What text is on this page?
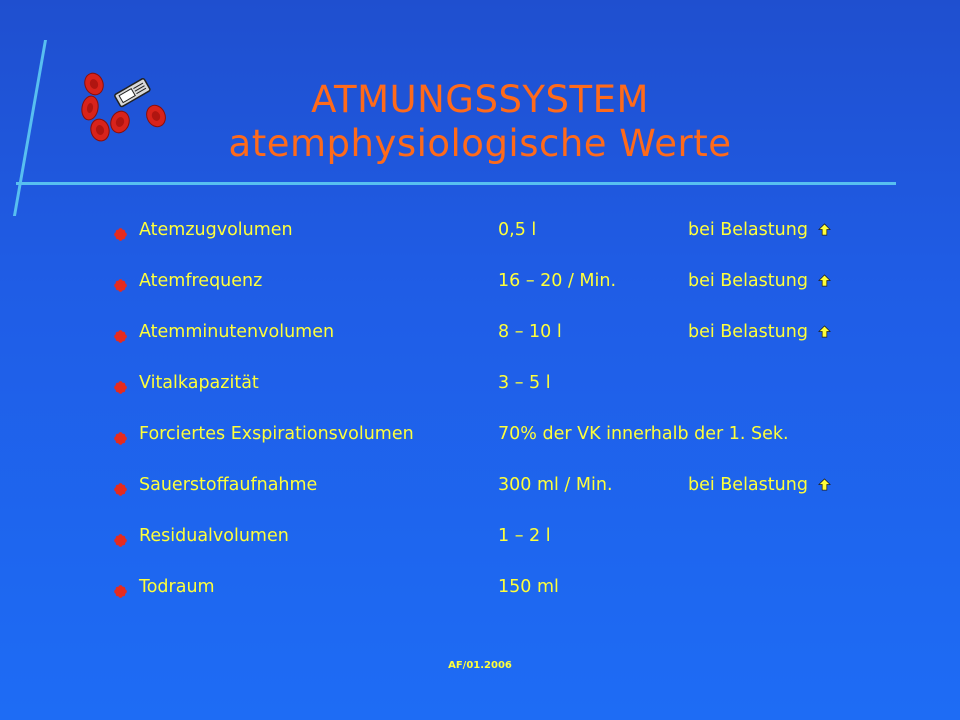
ATMUNGSSYSTEM
atemphysiologische Werte
Atemzugvolumen	0,5 l	bei Belastung
Atemfrequenz	16 – 20 / Min.	bei Belastung
Atemminutenvolumen	8 – 10 l	bei Belastung
Vitalkapazität	3 – 5 l
Forciertes Exspirationsvolumen	70% der VK innerhalb der 1. Sek.
Sauerstoffaufnahme	300 ml / Min.	bei Belastung
Residualvolumen	1 – 2 l
Todraum	150 ml
AF/01.2006
